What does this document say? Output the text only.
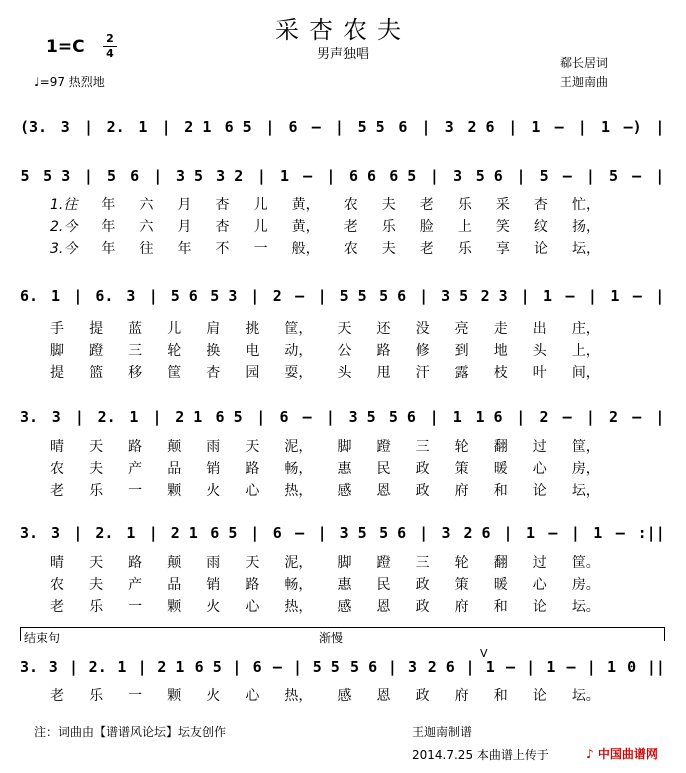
采杏农夫
男声独唱
1=C 2
4
♩=97 热烈地
郗长居词
王迦南曲
(3. 3 | 2. 1 | 2 1 6 5 | 6 – | 5 5 6 | 3 2 6 | 1 – | 1 –) |
5 5 3 | 5 6 | 3 5 3 2 | 1 – | 6 6 6 5 | 3 5 6 | 5 – | 5 – |
6. 1 | 6. 3 | 5 6 5 3 | 2 – | 5 5 5 6 | 3 5 2 3 | 1 – | 1 – |
3. 3 | 2. 1 | 2 1 6 5 | 6 – | 3 5 5 6 | 1 1 6 | 2 – | 2 – |
3. 3 | 2. 1 | 2 1 6 5 | 6 – | 3 5 5 6 | 3 2 6 | 1 – | 1 – :||
3. 3 | 2. 1 | 2 1 6 5 | 6 – | 5 5 5 6 | 3 2 6 | 1 – | 1 – | 1 0 ||
1.往 年 六 月 杏 儿 黄， 农 夫 老 乐 采 杏 忙，
2.今 年 六 月 杏 儿 黄， 老 乐 脸 上 笑 纹 扬，
3.今 年 往 年 不 一 般， 农 夫 老 乐 享 论 坛，
手 提 蓝 儿 肩 挑 筐， 天 还 没 亮 走 出 庄，
脚 蹬 三 轮 换 电 动， 公 路 修 到 地 头 上，
提 篮 移 筐 杏 园 耍， 头 甩 汗 露 枝 叶 间，
晴 天 路 颠 雨 天 泥， 脚 蹬 三 轮 翻 过 筐，
农 夫 产 品 销 路 畅， 惠 民 政 策 暖 心 房，
老 乐 一 颗 火 心 热， 感 恩 政 府 和 论 坛，
晴 天 路 颠 雨 天 泥， 脚 蹬 三 轮 翻 过 筐。
农 夫 产 品 销 路 畅， 惠 民 政 策 暖 心 房。
老 乐 一 颗 火 心 热， 感 恩 政 府 和 论 坛。
结束句	渐慢
V
老 乐 一 颗 火 心 热， 感 恩 政 府 和 论 坛。
注：词曲由【谱谱风论坛】坛友创作	王迦南制谱
2014.7.25 本曲谱上传于	♪ 中国曲谱网
